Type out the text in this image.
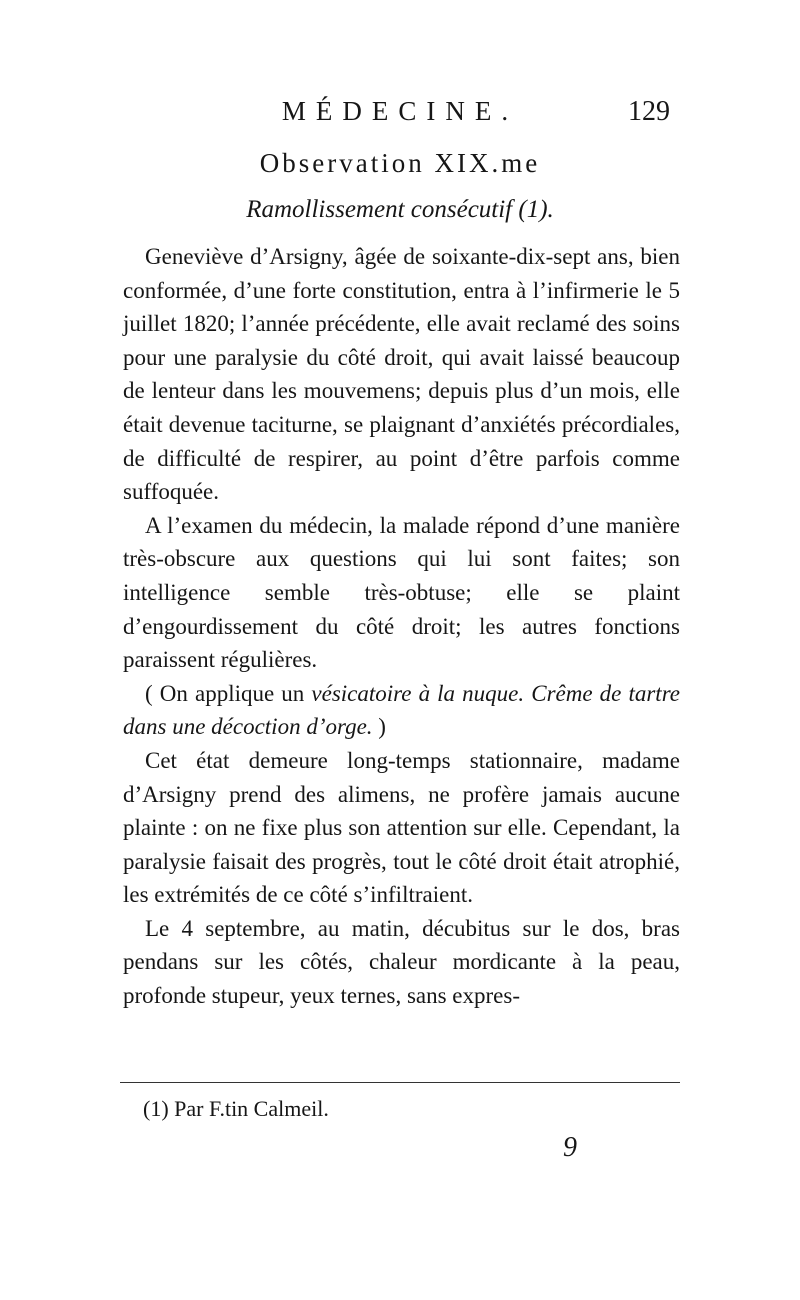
MÉDECINE.	129
Observation XIX.me
Ramollissement consécutif (1).

Geneviève d’Arsigny, âgée de soixante-dix-sept ans, bien conformée, d’une forte constitution, entra à l’infirmerie le 5 juillet 1820; l’année précédente, elle avait reclamé des soins pour une paralysie du côté droit, qui avait laissé beaucoup de lenteur dans les mouvemens; depuis plus d’un mois, elle était devenue taciturne, se plaignant d’anxiétés précordiales, de difficulté de respirer, au point d’être parfois comme suffoquée.

A l’examen du médecin, la malade répond d’une manière très-obscure aux questions qui lui sont faites; son intelligence semble très-obtuse; elle se plaint d’engourdissement du côté droit; les autres fonctions paraissent régulières.

( On applique un vésicatoire à la nuque. Crême de tartre dans une décoction d’orge. )

Cet état demeure long-temps stationnaire, madame d’Arsigny prend des alimens, ne profère jamais aucune plainte : on ne fixe plus son attention sur elle. Cependant, la paralysie faisait des progrès, tout le côté droit était atrophié, les extrémités de ce côté s’infiltraient.

Le 4 septembre, au matin, décubitus sur le dos, bras pendans sur les côtés, chaleur mordicante à la peau, profonde stupeur, yeux ternes, sans expres-

(1) Par F.tin Calmeil.
9
